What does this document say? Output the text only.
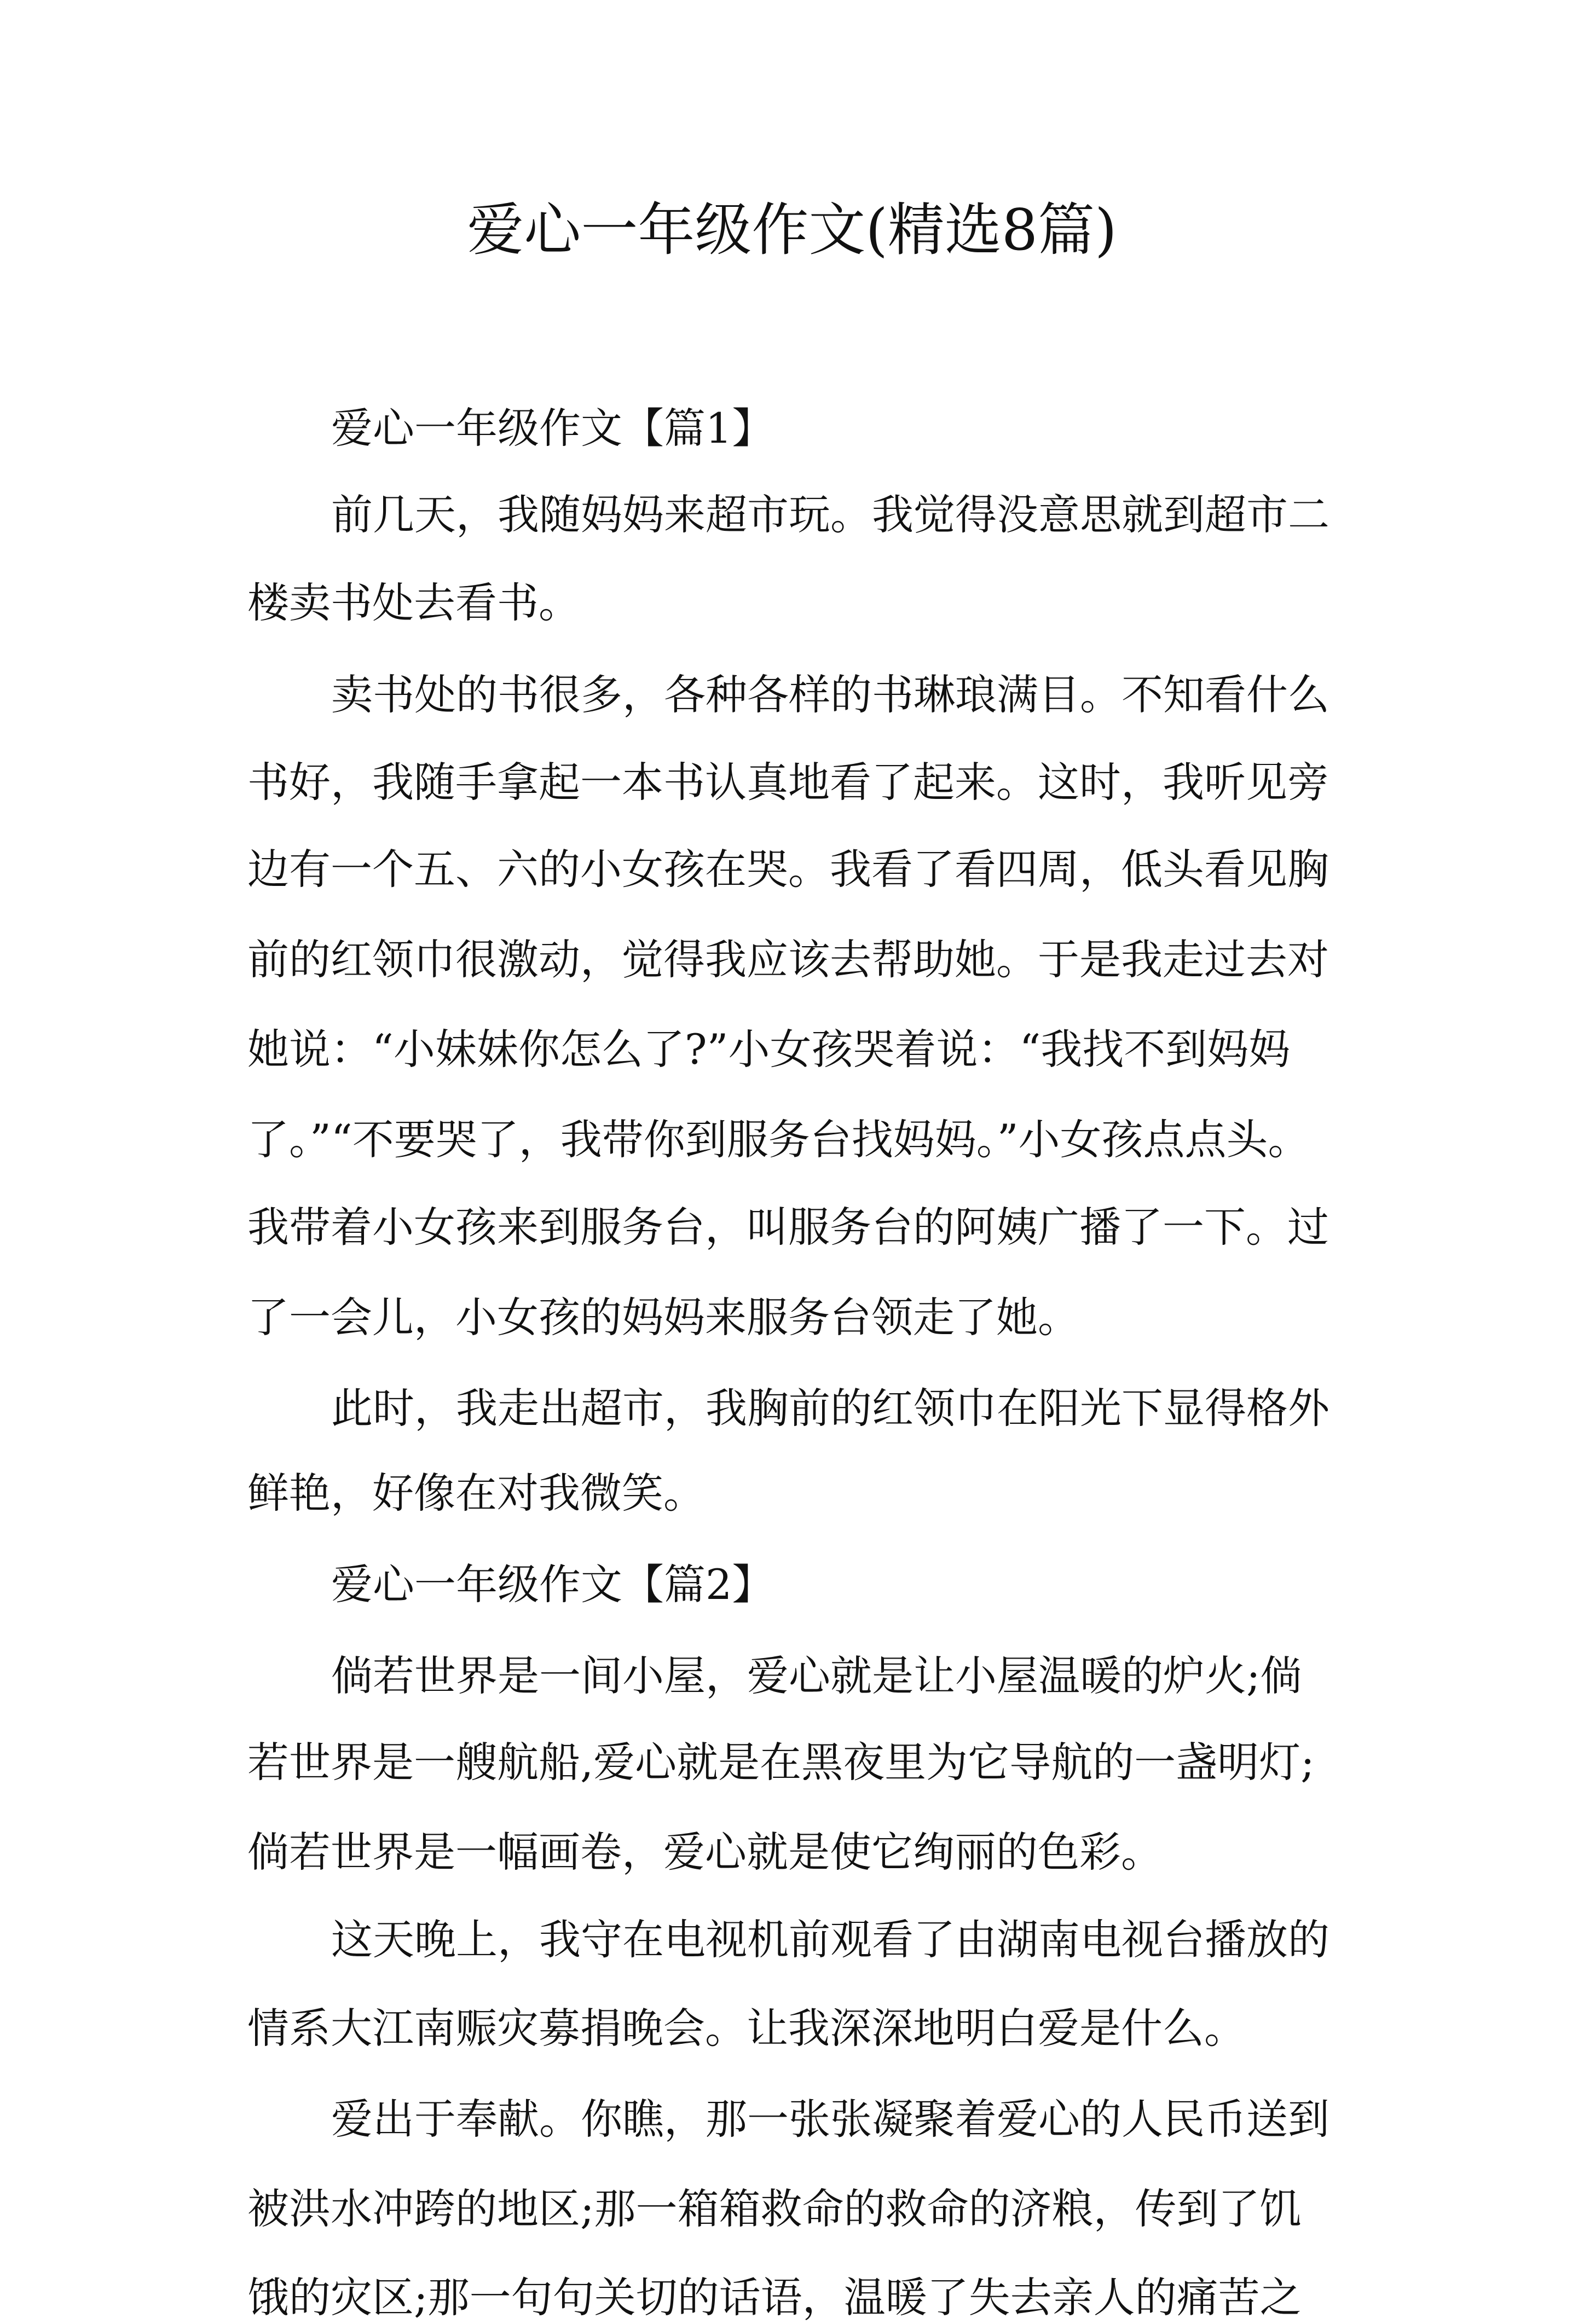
爱心一年级作文(精选8篇)

爱心一年级作文【篇1】

前几天，我随妈妈来超市玩。我觉得没意思就到超市二

楼卖书处去看书。

卖书处的书很多，各种各样的书琳琅满目。不知看什么

书好，我随手拿起一本书认真地看了起来。这时，我听见旁

边有一个五、六的小女孩在哭。我看了看四周，低头看见胸

前的红领巾很激动，觉得我应该去帮助她。于是我走过去对

她说：“小妹妹你怎么了?”小女孩哭着说：“我找不到妈妈

了。”“不要哭了，我带你到服务台找妈妈。”小女孩点点头。

我带着小女孩来到服务台，叫服务台的阿姨广播了一下。过

了一会儿，小女孩的妈妈来服务台领走了她。

此时，我走出超市，我胸前的红领巾在阳光下显得格外

鲜艳，好像在对我微笑。

爱心一年级作文【篇2】

倘若世界是一间小屋，爱心就是让小屋温暖的炉火;倘

若世界是一艘航船,爱心就是在黑夜里为它导航的一盏明灯;

倘若世界是一幅画卷，爱心就是使它绚丽的色彩。

这天晚上，我守在电视机前观看了由湖南电视台播放的

情系大江南赈灾募捐晚会。让我深深地明白爱是什么。

爱出于奉献。你瞧，那一张张凝聚着爱心的人民币送到

被洪水冲跨的地区;那一箱箱救命的救命的济粮，传到了饥

饿的灾区;那一句句关切的话语，温暖了失去亲人的痛苦之
